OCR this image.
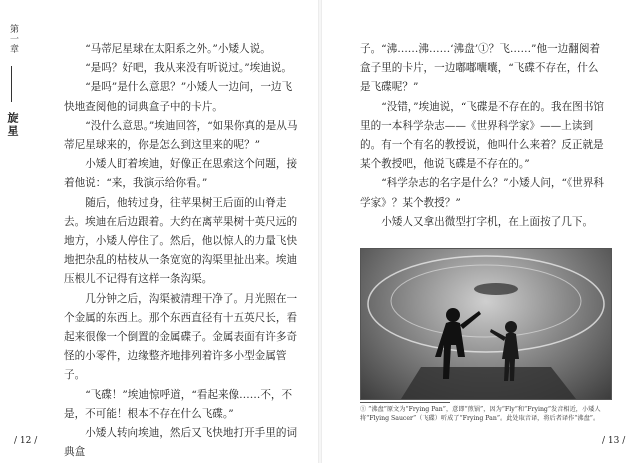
第一章
旋星

“马蒂尼星球在太阳系之外。”小矮人说。

“是吗？好吧，我从来没有听说过。”埃迪说。

“是吗”是什么意思？”小矮人一边问，一边飞快地查阅他的词典盒子中的卡片。

“没什么意思。”埃迪回答，“如果你真的是从马蒂尼星球来的，你是怎么到这里来的呢？”

小矮人盯着埃迪，好像正在思索这个问题，接着他说：“来，我演示给你看。”

随后，他转过身，往苹果树王后面的山脊走去。埃迪在后边跟着。大约在离苹果树十英尺远的地方，小矮人停住了。然后，他以惊人的力量飞快地把杂乱的枯枝从一条宽宽的沟渠里扯出来。埃迪压根儿不记得有这样一条沟渠。

几分钟之后，沟渠被清理干净了。月光照在一个金属的东西上。那个东西直径有十五英尺长，看起来很像一个倒置的金属碟子。金属表面有许多奇怪的小零件，边缘整齐地排列着许多小型金属管子。

“飞碟！”埃迪惊呼道，“看起来像……不，不是，不可能！根本不存在什么飞碟。”

小矮人转向埃迪，然后又飞快地打开手里的词典盒

/ 12 /

子。“沸……沸……‘沸盘’①？飞……”他一边翻阅着盒子里的卡片，一边嘟嘟囔囔，“飞碟不存在，什么是飞碟呢？”

“没错，”埃迪说，“飞碟是不存在的。我在图书馆里的一本科学杂志——《世界科学家》——上读到的。有一个有名的教授说，他叫什么来着？反正就是某个教授吧，他说飞碟是不存在的。”

“科学杂志的名字是什么？”小矮人问，“《世界科学家》？某个教授？”

小矮人又拿出微型打字机，在上面按了几下。

① “沸盘”原文为“Frying Pan”，意即“煎锅”，因为“Fly”和“Frying”发音相近，小矮人将“Flying Saucer”（飞碟）听成了“Frying Pan”。此处取音译，将后者译作“沸盘”。
/ 13 /
